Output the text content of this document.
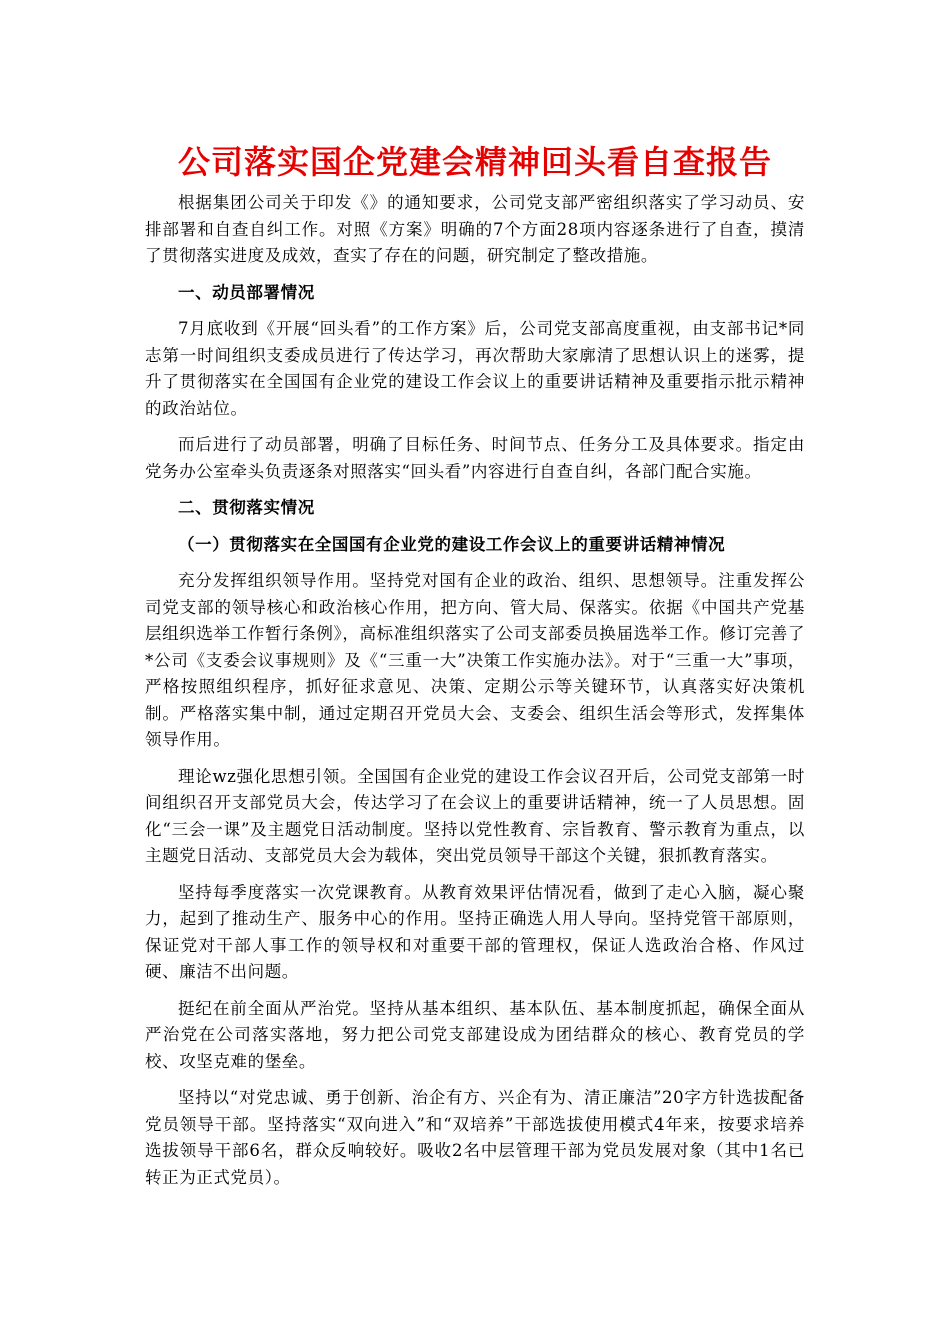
公司落实国企党建会精神回头看自查报告

根据集团公司关于印发《》的通知要求，公司党支部严密组织落实了学习动员、安排部署和自查自纠工作。对照《方案》明确的7个方面28项内容逐条进行了自查，摸清了贯彻落实进度及成效，查实了存在的问题，研究制定了整改措施。

一、动员部署情况

7月底收到《开展“回头看”的工作方案》后，公司党支部高度重视，由支部书记*同志第一时间组织支委成员进行了传达学习，再次帮助大家廓清了思想认识上的迷雾，提升了贯彻落实在全国国有企业党的建设工作会议上的重要讲话精神及重要指示批示精神的政治站位。

而后进行了动员部署，明确了目标任务、时间节点、任务分工及具体要求。指定由党务办公室牵头负责逐条对照落实“回头看”内容进行自查自纠，各部门配合实施。

二、贯彻落实情况

（一）贯彻落实在全国国有企业党的建设工作会议上的重要讲话精神情况

充分发挥组织领导作用。坚持党对国有企业的政治、组织、思想领导。注重发挥公司党支部的领导核心和政治核心作用，把方向、管大局、保落实。依据《中国共产党基层组织选举工作暂行条例》，高标准组织落实了公司支部委员换届选举工作。修订完善了*公司《支委会议事规则》及《“三重一大”决策工作实施办法》。对于“三重一大”事项，严格按照组织程序，抓好征求意见、决策、定期公示等关键环节，认真落实好决策机制。严格落实集中制，通过定期召开党员大会、支委会、组织生活会等形式，发挥集体领导作用。

理论wz强化思想引领。全国国有企业党的建设工作会议召开后，公司党支部第一时间组织召开支部党员大会，传达学习了在会议上的重要讲话精神，统一了人员思想。固化“三会一课”及主题党日活动制度。坚持以党性教育、宗旨教育、警示教育为重点，以主题党日活动、支部党员大会为载体，突出党员领导干部这个关键，狠抓教育落实。

坚持每季度落实一次党课教育。从教育效果评估情况看，做到了走心入脑，凝心聚力，起到了推动生产、服务中心的作用。坚持正确选人用人导向。坚持党管干部原则，保证党对干部人事工作的领导权和对重要干部的管理权，保证人选政治合格、作风过硬、廉洁不出问题。

挺纪在前全面从严治党。坚持从基本组织、基本队伍、基本制度抓起，确保全面从严治党在公司落实落地，努力把公司党支部建设成为团结群众的核心、教育党员的学校、攻坚克难的堡垒。

坚持以“对党忠诚、勇于创新、治企有方、兴企有为、清正廉洁”20字方针选拔配备党员领导干部。坚持落实“双向进入”和“双培养”干部选拔使用模式4年来，按要求培养选拔领导干部6名，群众反响较好。吸收2名中层管理干部为党员发展对象（其中1名已转正为正式党员）。
